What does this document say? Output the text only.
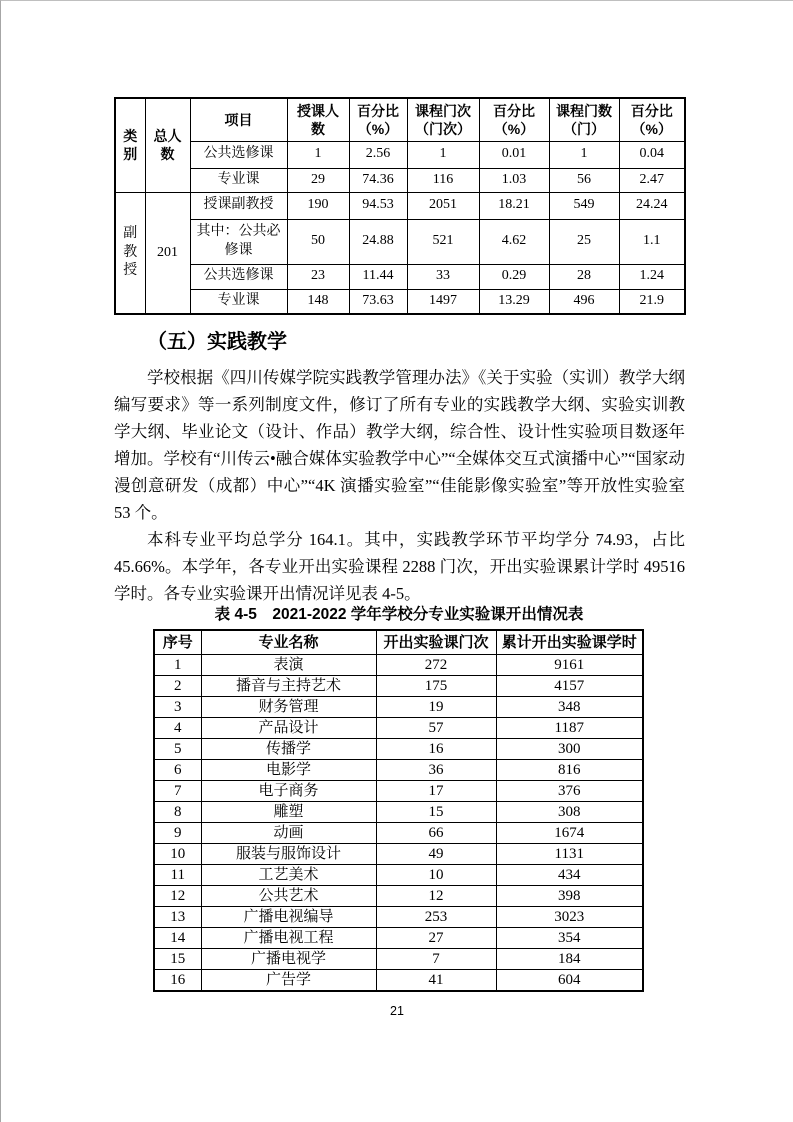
类别	总人数	项目	授课人数	百分比（%）	课程门次（门次）	百分比（%）	课程门数（门）	百分比（%）
		公共选修课	1	2.56	1	0.01	1	0.04
		专业课	29	74.36	116	1.03	56	2.47
副教授	201	授课副教授	190	94.53	2051	18.21	549	24.24
		其中：公共必修课	50	24.88	521	4.62	25	1.1
		公共选修课	23	11.44	33	0.29	28	1.24
		专业课	148	73.63	1497	13.29	496	21.9
（五）实践教学
学校根据《四川传媒学院实践教学管理办法》《关于实验（实训）教学大纲编写要求》等一系列制度文件，修订了所有专业的实践教学大纲、实验实训教学大纲、毕业论文（设计、作品）教学大纲，综合性、设计性实验项目数逐年增加。学校有“川传云•融合媒体实验教学中心”“全媒体交互式演播中心”“国家动漫创意研发（成都）中心”“4K 演播实验室”“佳能影像实验室”等开放性实验室 53 个。
本科专业平均总学分 164.1。其中，实践教学环节平均学分 74.93，占比 45.66%。本学年，各专业开出实验课程 2288 门次，开出实验课累计学时 49516 学时。各专业实验课开出情况详见表 4-5。
表 4-5　2021-2022 学年学校分专业实验课开出情况表
序号	专业名称	开出实验课门次	累计开出实验课学时
1	表演	272	9161
2	播音与主持艺术	175	4157
3	财务管理	19	348
4	产品设计	57	1187
5	传播学	16	300
6	电影学	36	816
7	电子商务	17	376
8	雕塑	15	308
9	动画	66	1674
10	服装与服饰设计	49	1131
11	工艺美术	10	434
12	公共艺术	12	398
13	广播电视编导	253	3023
14	广播电视工程	27	354
15	广播电视学	7	184
16	广告学	41	604
21
